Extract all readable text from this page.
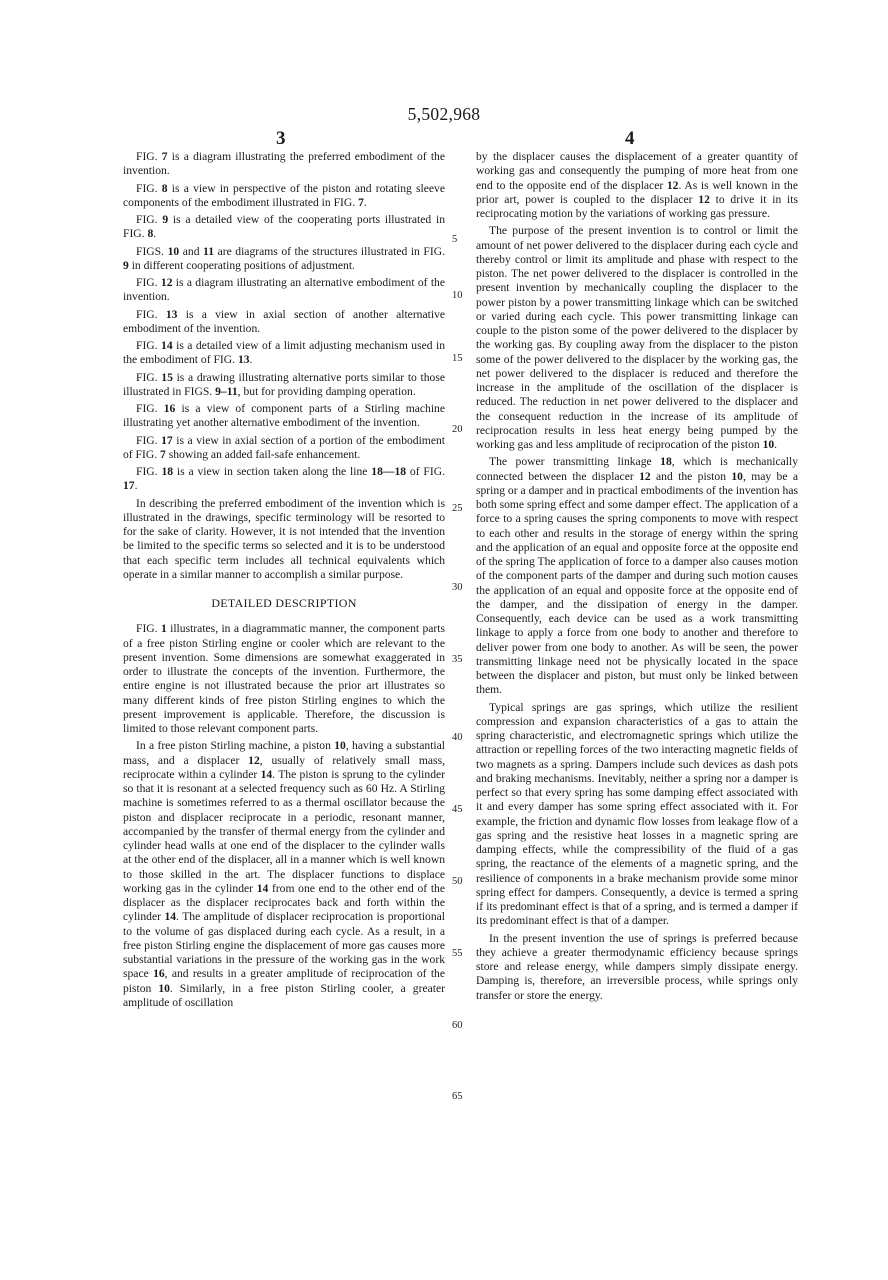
5,502,968
3	4

FIG. 7 is a diagram illustrating the preferred embodiment of the invention.

FIG. 8 is a view in perspective of the piston and rotating sleeve components of the embodiment illustrated in FIG. 7.

FIG. 9 is a detailed view of the cooperating ports illustrated in FIG. 8.

FIGS. 10 and 11 are diagrams of the structures illustrated in FIG. 9 in different cooperating positions of adjustment.

FIG. 12 is a diagram illustrating an alternative embodiment of the invention.

FIG. 13 is a view in axial section of another alternative embodiment of the invention.

FIG. 14 is a detailed view of a limit adjusting mechanism used in the embodiment of FIG. 13.

FIG. 15 is a drawing illustrating alternative ports similar to those illustrated in FIGS. 9–11, but for providing damping operation.

FIG. 16 is a view of component parts of a Stirling machine illustrating yet another alternative embodiment of the invention.

FIG. 17 is a view in axial section of a portion of the embodiment of FIG. 7 showing an added fail-safe enhancement.

FIG. 18 is a view in section taken along the line 18—18 of FIG. 17.

In describing the preferred embodiment of the invention which is illustrated in the drawings, specific terminology will be resorted to for the sake of clarity. However, it is not intended that the invention be limited to the specific terms so selected and it is to be understood that each specific term includes all technical equivalents which operate in a similar manner to accomplish a similar purpose.

DETAILED DESCRIPTION

FIG. 1 illustrates, in a diagrammatic manner, the component parts of a free piston Stirling engine or cooler which are relevant to the present invention. Some dimensions are somewhat exaggerated in order to illustrate the concepts of the invention. Furthermore, the entire engine is not illustrated because the prior art illustrates so many different kinds of free piston Stirling engines to which the present improvement is applicable. Therefore, the discussion is limited to those relevant component parts.

In a free piston Stirling machine, a piston 10, having a substantial mass, and a displacer 12, usually of relatively small mass, reciprocate within a cylinder 14. The piston is sprung to the cylinder so that it is resonant at a selected frequency such as 60 Hz. A Stirling machine is sometimes referred to as a thermal oscillator because the piston and displacer reciprocate in a periodic, resonant manner, accompanied by the transfer of thermal energy from the cylinder and cylinder head walls at one end of the displacer to the cylinder walls at the other end of the displacer, all in a manner which is well known to those skilled in the art. The displacer functions to displace working gas in the cylinder 14 from one end to the other end of the displacer as the displacer reciprocates back and forth within the cylinder 14. The amplitude of displacer reciprocation is proportional to the volume of gas displaced during each cycle. As a result, in a free piston Stirling engine the displacement of more gas causes more substantial variations in the pressure of the working gas in the work space 16, and results in a greater amplitude of reciprocation of the piston 10. Similarly, in a free piston Stirling cooler, a greater amplitude of oscillation

by the displacer causes the displacement of a greater quantity of working gas and consequently the pumping of more heat from one end to the opposite end of the displacer 12. As is well known in the prior art, power is coupled to the displacer 12 to drive it in its reciprocating motion by the variations of working gas pressure.

The purpose of the present invention is to control or limit the amount of net power delivered to the displacer during each cycle and thereby control or limit its amplitude and phase with respect to the piston. The net power delivered to the displacer is controlled in the present invention by mechanically coupling the displacer to the power piston by a power transmitting linkage which can be switched or varied during each cycle. This power transmitting linkage can couple to the piston some of the power delivered to the displacer by the working gas. By coupling away from the displacer to the piston some of the power delivered to the displacer by the working gas, the net power delivered to the displacer is reduced and therefore the increase in the amplitude of the oscillation of the displacer is reduced. The reduction in net power delivered to the displacer and the consequent reduction in the increase of its amplitude of reciprocation results in less heat energy being pumped by the working gas and less amplitude of reciprocation of the piston 10.

The power transmitting linkage 18, which is mechanically connected between the displacer 12 and the piston 10, may be a spring or a damper and in practical embodiments of the invention has both some spring effect and some damper effect. The application of a force to a spring causes the spring components to move with respect to each other and results in the storage of energy within the spring and the application of an equal and opposite force at the opposite end of the spring The application of force to a damper also causes motion of the component parts of the damper and during such motion causes the application of an equal and opposite force at the opposite end of the damper, and the dissipation of energy in the damper. Consequently, each device can be used as a work transmitting linkage to apply a force from one body to another and therefore to deliver power from one body to another. As will be seen, the power transmitting linkage need not be physically located in the space between the displacer and piston, but must only be linked between them.

Typical springs are gas springs, which utilize the resilient compression and expansion characteristics of a gas to attain the spring characteristic, and electromagnetic springs which utilize the attraction or repelling forces of the two interacting magnetic fields of two magnets as a spring. Dampers include such devices as dash pots and braking mechanisms. Inevitably, neither a spring nor a damper is perfect so that every spring has some damping effect associated with it and every damper has some spring effect associated with it. For example, the friction and dynamic flow losses from leakage flow of a gas spring and the resistive heat losses in a magnetic spring are damping effects, while the compressibility of the fluid of a gas spring, the reactance of the elements of a magnetic spring, and the resilience of components in a brake mechanism provide some minor spring effect for dampers. Consequently, a device is termed a spring if its predominant effect is that of a spring, and is termed a damper if its predominant effect is that of a damper.

In the present invention the use of springs is preferred because they achieve a greater thermodynamic efficiency because springs store and release energy, while dampers simply dissipate energy. Damping is, therefore, an irreversible process, while springs only transfer or store the energy.

5
10
15
20
25
30
35
40
45
50
55
60
65
